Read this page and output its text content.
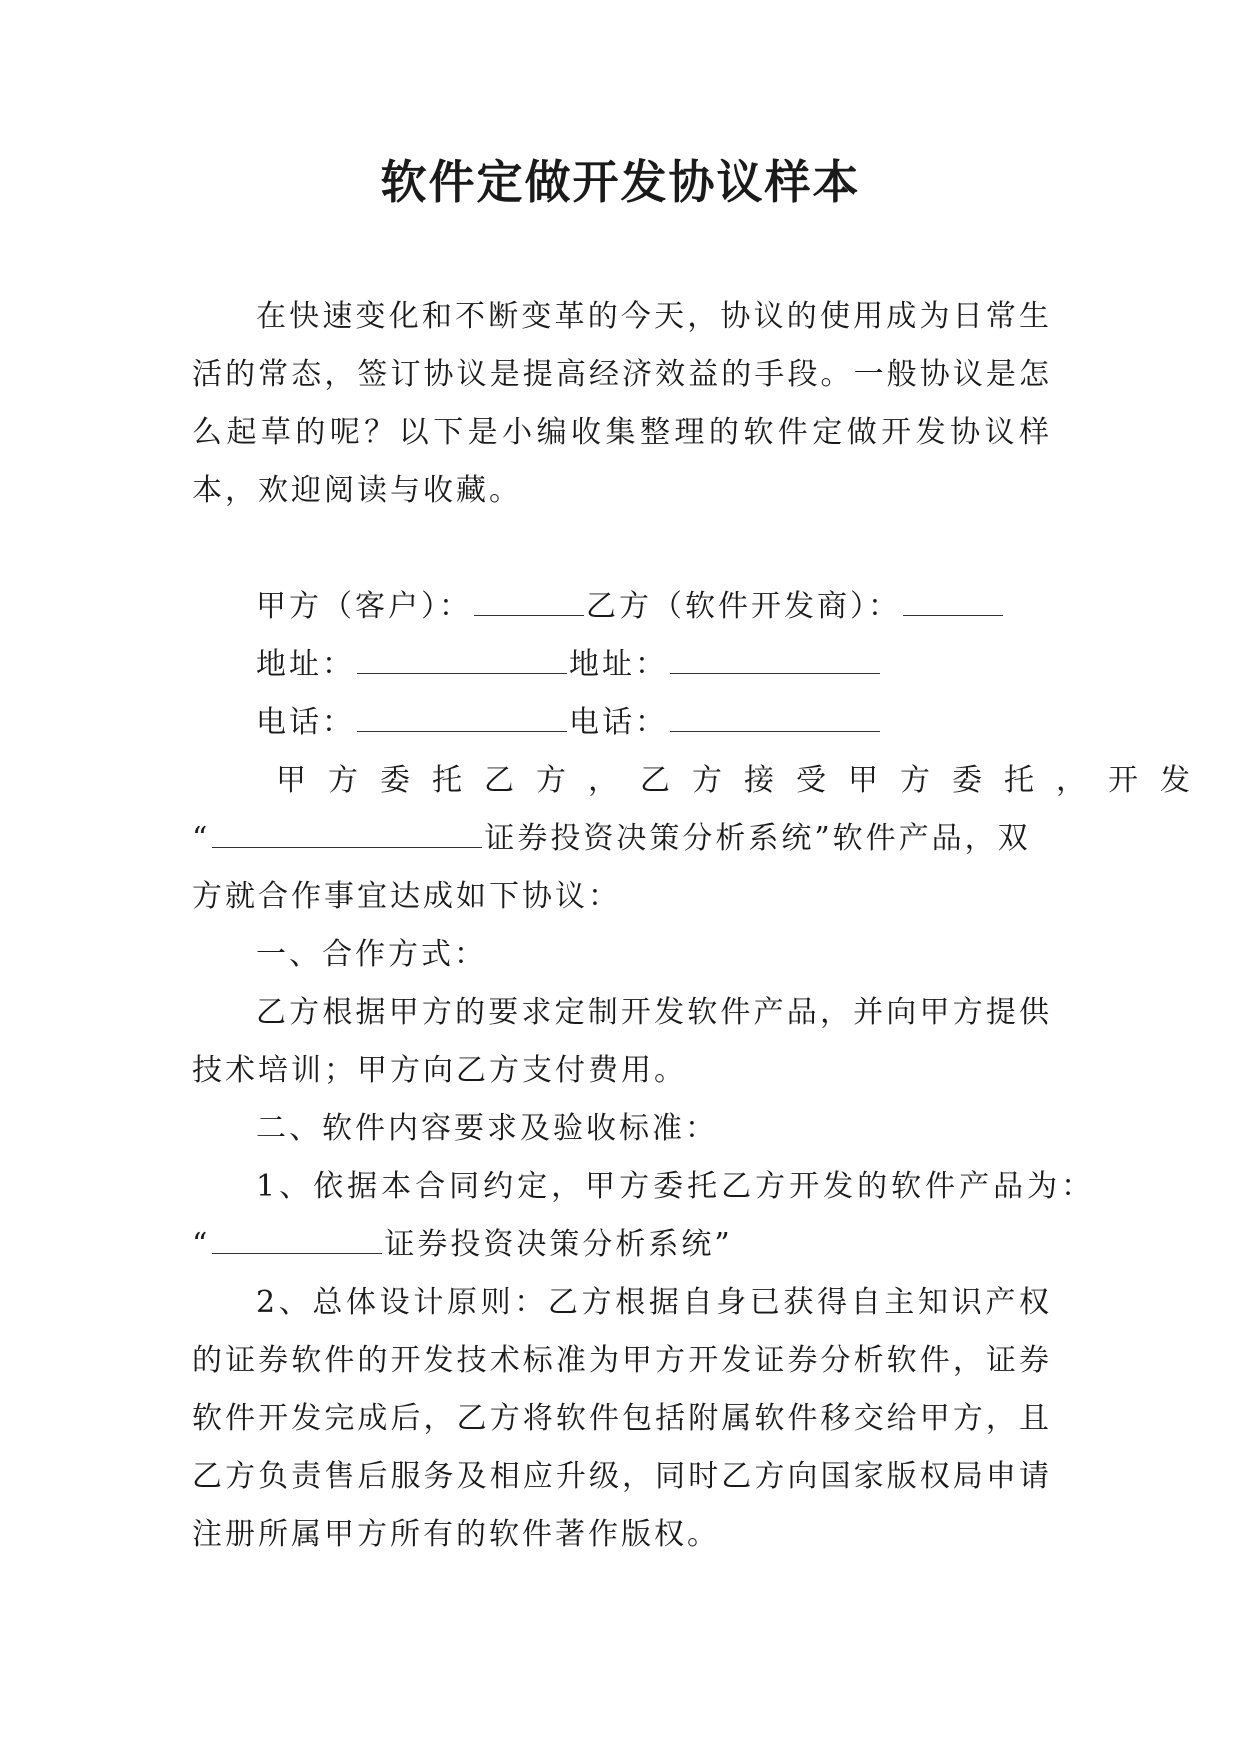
软件定做开发协议样本

在快速变化和不断变革的今天，协议的使用成为日常生活的常态，签订协议是提高经济效益的手段。一般协议是怎么起草的呢？以下是小编收集整理的软件定做开发协议样本，欢迎阅读与收藏。

甲方（客户）：	乙方（软件开发商）：

地址：	地址：

电话：	电话：

甲方委托乙方，乙方接受甲方委托，开发

“	证券投资决策分析系统”软件产品，双

方就合作事宜达成如下协议：

一、合作方式：

乙方根据甲方的要求定制开发软件产品，并向甲方提供技术培训；甲方向乙方支付费用。

二、软件内容要求及验收标准：

1、依据本合同约定，甲方委托乙方开发的软件产品为：

“	证券投资决策分析系统”

2、总体设计原则：乙方根据自身已获得自主知识产权的证券软件的开发技术标准为甲方开发证券分析软件，证券软件开发完成后，乙方将软件包括附属软件移交给甲方，且乙方负责售后服务及相应升级，同时乙方向国家版权局申请注册所属甲方所有的软件著作版权。
